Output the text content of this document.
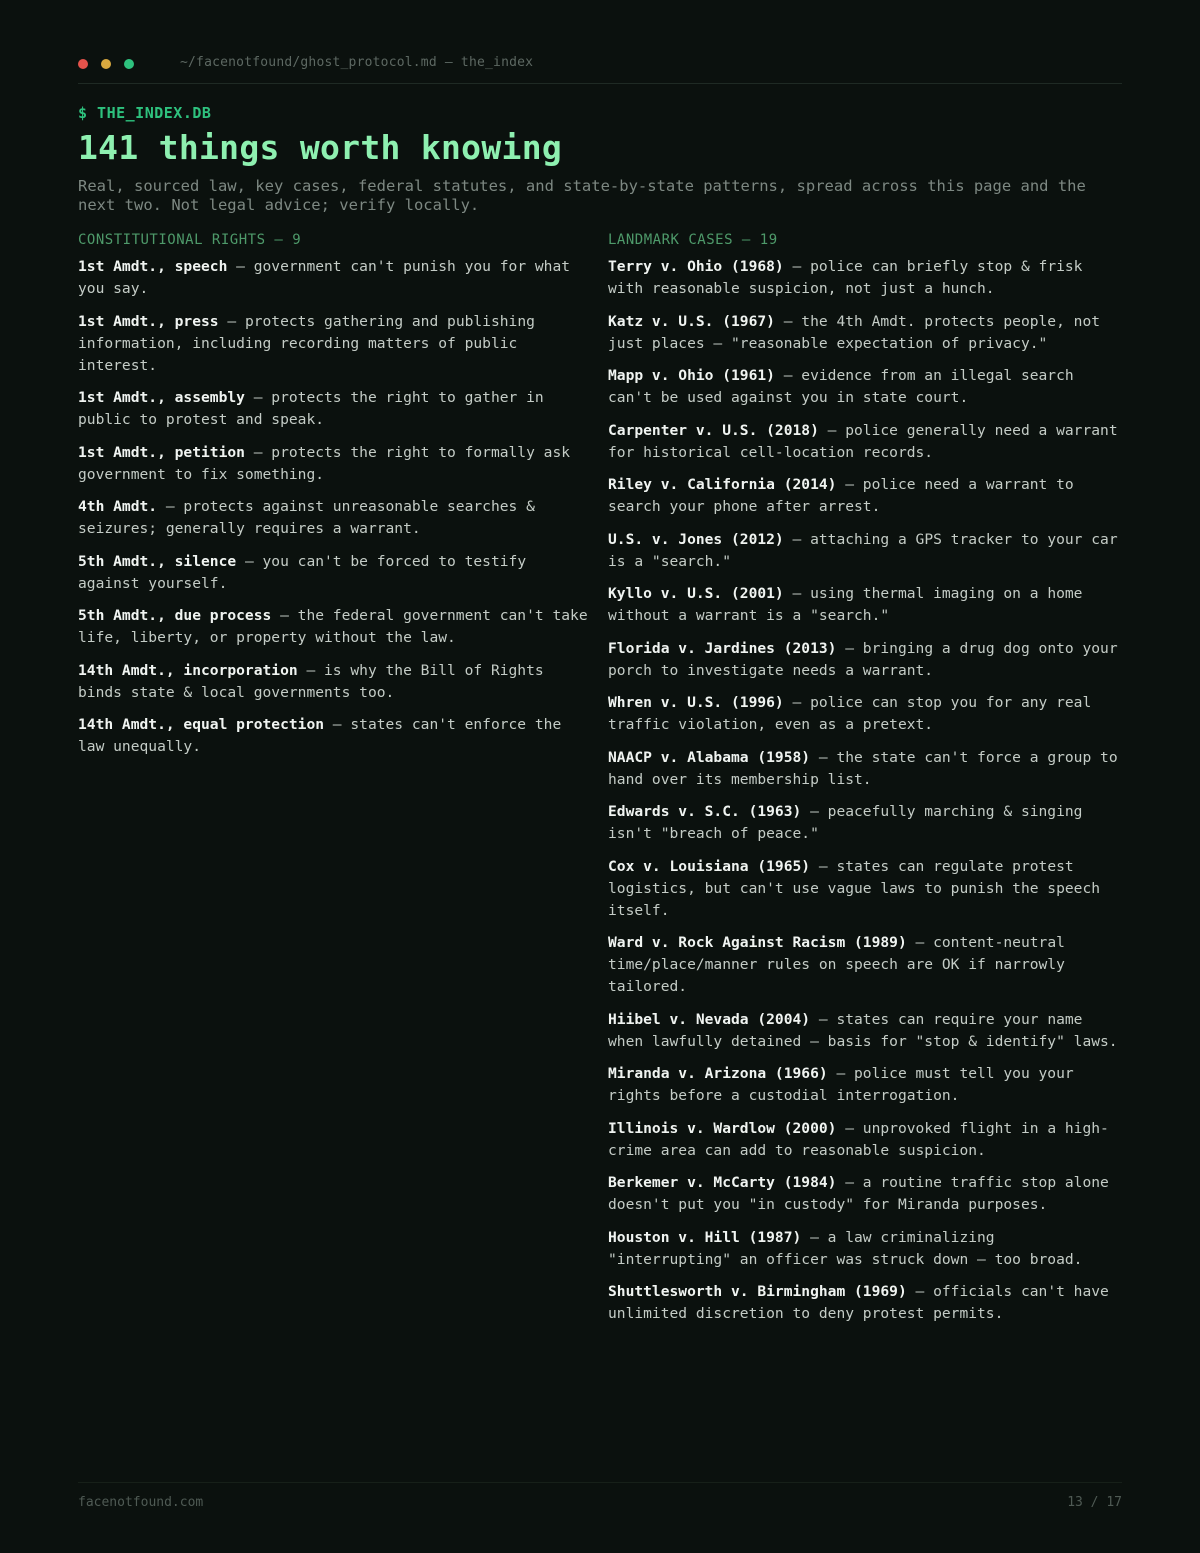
~/facenotfound/ghost_protocol.md — the_index
$ THE_INDEX.DB
141 things worth knowing
Real, sourced law, key cases, federal statutes, and state-by-state patterns, spread across this page and the next two. Not legal advice; verify locally.
CONSTITUTIONAL RIGHTS — 9
1st Amdt., speech — government can't punish you for what you say.
1st Amdt., press — protects gathering and publishing information, including recording matters of public interest.
1st Amdt., assembly — protects the right to gather in public to protest and speak.
1st Amdt., petition — protects the right to formally ask government to fix something.
4th Amdt. — protects against unreasonable searches & seizures; generally requires a warrant.
5th Amdt., silence — you can't be forced to testify against yourself.
5th Amdt., due process — the federal government can't take life, liberty, or property without the law.
14th Amdt., incorporation — is why the Bill of Rights binds state & local governments too.
14th Amdt., equal protection — states can't enforce the law unequally.
LANDMARK CASES — 19
Terry v. Ohio (1968) — police can briefly stop & frisk with reasonable suspicion, not just a hunch.
Katz v. U.S. (1967) — the 4th Amdt. protects people, not just places — "reasonable expectation of privacy."
Mapp v. Ohio (1961) — evidence from an illegal search can't be used against you in state court.
Carpenter v. U.S. (2018) — police generally need a warrant for historical cell-location records.
Riley v. California (2014) — police need a warrant to search your phone after arrest.
U.S. v. Jones (2012) — attaching a GPS tracker to your car is a "search."
Kyllo v. U.S. (2001) — using thermal imaging on a home without a warrant is a "search."
Florida v. Jardines (2013) — bringing a drug dog onto your porch to investigate needs a warrant.
Whren v. U.S. (1996) — police can stop you for any real traffic violation, even as a pretext.
NAACP v. Alabama (1958) — the state can't force a group to hand over its membership list.
Edwards v. S.C. (1963) — peacefully marching & singing isn't "breach of peace."
Cox v. Louisiana (1965) — states can regulate protest logistics, but can't use vague laws to punish the speech itself.
Ward v. Rock Against Racism (1989) — content-neutral time/place/manner rules on speech are OK if narrowly tailored.
Hiibel v. Nevada (2004) — states can require your name when lawfully detained — basis for "stop & identify" laws.
Miranda v. Arizona (1966) — police must tell you your rights before a custodial interrogation.
Illinois v. Wardlow (2000) — unprovoked flight in a high-crime area can add to reasonable suspicion.
Berkemer v. McCarty (1984) — a routine traffic stop alone doesn't put you "in custody" for Miranda purposes.
Houston v. Hill (1987) — a law criminalizing "interrupting" an officer was struck down — too broad.
Shuttlesworth v. Birmingham (1969) — officials can't have unlimited discretion to deny protest permits.
facenotfound.com	13 / 17
